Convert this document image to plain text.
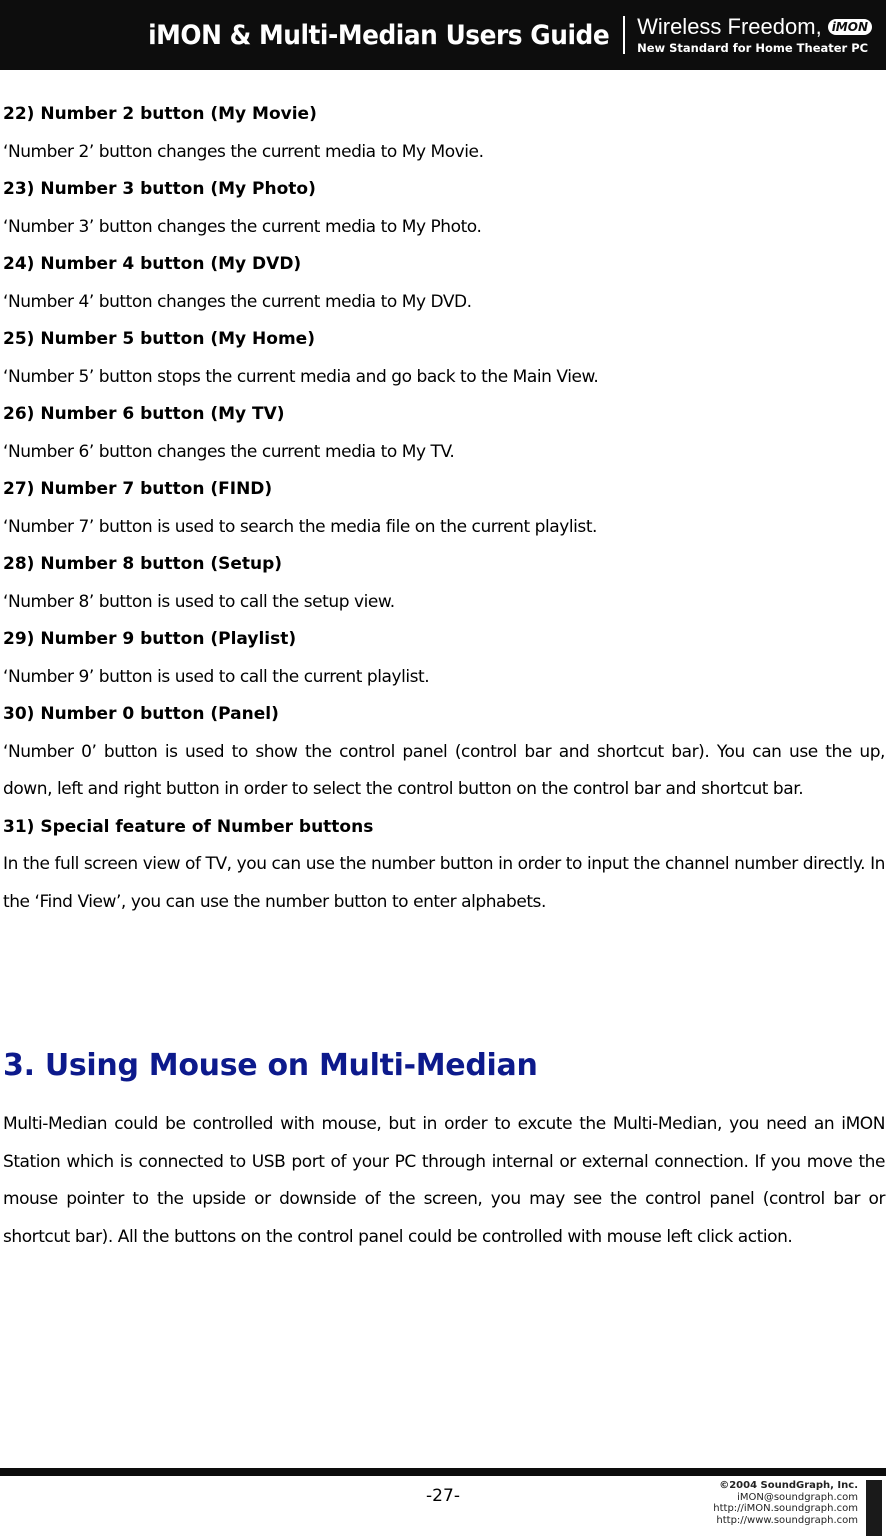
iMON & Multi-Median Users Guide Wireless Freedom, iMON
New Standard for Home Theater PC
22) Number 2 button (My Movie)
‘Number 2’ button changes the current media to My Movie.
23) Number 3 button (My Photo)
‘Number 3’ button changes the current media to My Photo.
24) Number 4 button (My DVD)
‘Number 4’ button changes the current media to My DVD.
25) Number 5 button (My Home)
‘Number 5’ button stops the current media and go back to the Main View.
26) Number 6 button (My TV)
‘Number 6’ button changes the current media to My TV.
27) Number 7 button (FIND)
‘Number 7’ button is used to search the media file on the current playlist.
28) Number 8 button (Setup)
‘Number 8’ button is used to call the setup view.
29) Number 9 button (Playlist)
‘Number 9’ button is used to call the current playlist.
30) Number 0 button (Panel)
‘Number 0’ button is used to show the control panel (control bar and shortcut bar). You can use the up, down, left and right button in order to select the control button on the control bar and shortcut bar.
31) Special feature of Number buttons
In the full screen view of TV, you can use the number button in order to input the channel number directly. In the ‘Find View’, you can use the number button to enter alphabets.
3. Using Mouse on Multi-Median
Multi-Median could be controlled with mouse, but in order to excute the Multi-Median, you need an iMON Station which is connected to USB port of your PC through internal or external connection. If you move the mouse pointer to the upside or downside of the screen, you may see the control panel (control bar or shortcut bar). All the buttons on the control panel could be controlled with mouse left click action.
-27-
©2004 SoundGraph, Inc.
iMON@soundgraph.com
http://iMON.soundgraph.com
http://www.soundgraph.com
